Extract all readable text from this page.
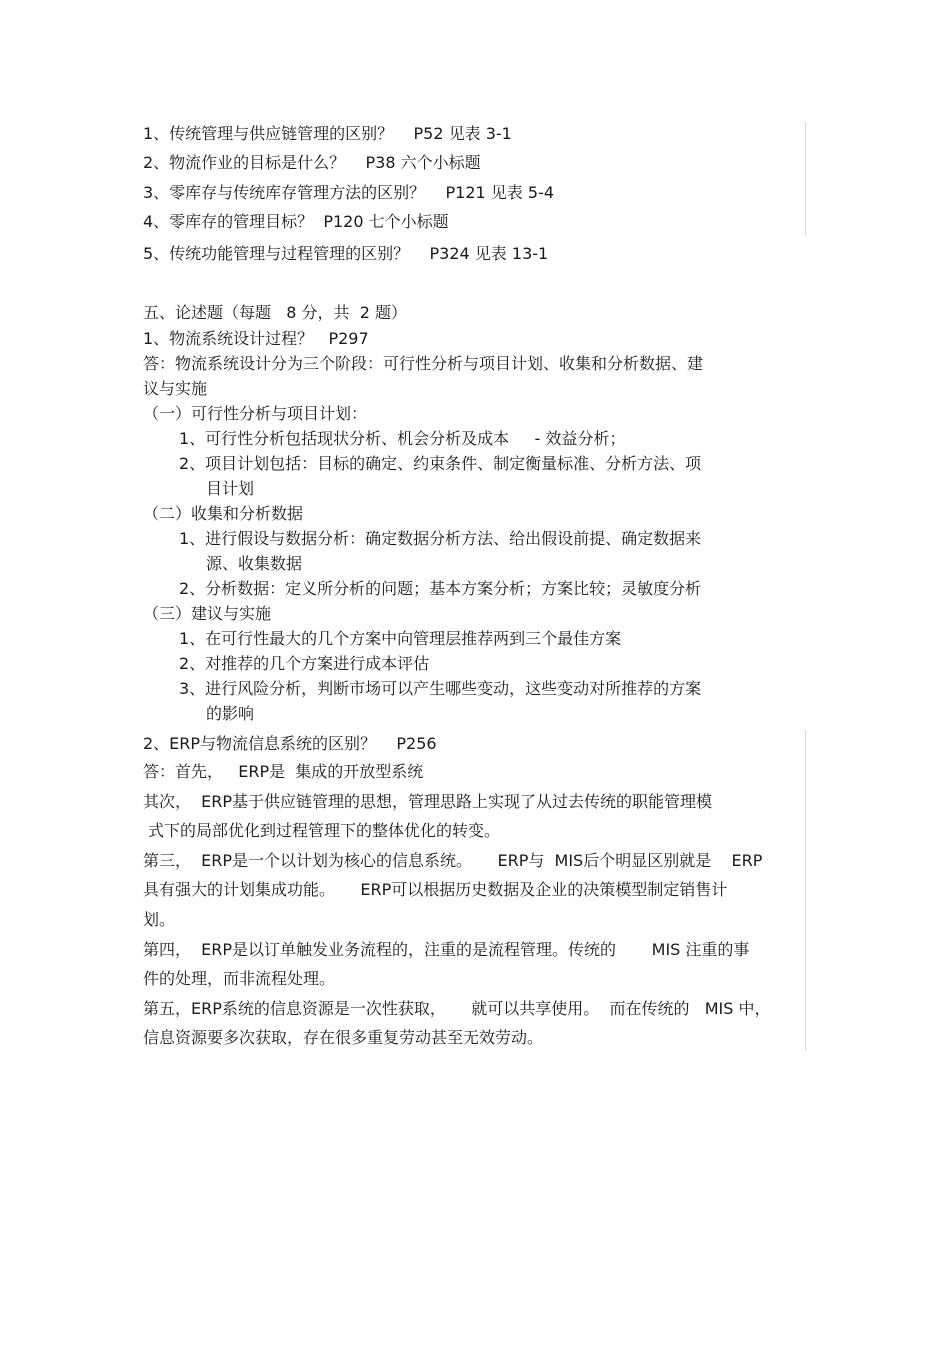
1、传统管理与供应链管理的区别？    P52 见表 3-1

2、物流作业的目标是什么？    P38 六个小标题

3、零库存与传统库存管理方法的区别？    P121 见表 5-4

4、零库存的管理目标？  P120 七个小标题

5、传统功能管理与过程管理的区别？    P324 见表 13-1

五、论述题（每题   8 分，共  2 题）

1、物流系统设计过程？   P297

答：物流系统设计分为三个阶段：可行性分析与项目计划、收集和分析数据、建

议与实施

（一）可行性分析与项目计划：

1、可行性分析包括现状分析、机会分析及成本     - 效益分析；

2、项目计划包括：目标的确定、约束条件、制定衡量标准、分析方法、项

目计划

（二）收集和分析数据

1、进行假设与数据分析：确定数据分析方法、给出假设前提、确定数据来

源、收集数据

2、分析数据：定义所分析的问题；基本方案分析；方案比较；灵敏度分析

（三）建议与实施

1、在可行性最大的几个方案中向管理层推荐两到三个最佳方案

2、对推荐的几个方案进行成本评估

3、进行风险分析，判断市场可以产生哪些变动，这些变动对所推荐的方案

的影响

2、ERP与物流信息系统的区别？    P256

答：首先，   ERP是  集成的开放型系统

其次，  ERP基于供应链管理的思想，管理思路上实现了从过去传统的职能管理模

式下的局部优化到过程管理下的整体优化的转变。

第三，  ERP是一个以计划为核心的信息系统。     ERP与  MIS后个明显区别就是    ERP

具有强大的计划集成功能。     ERP可以根据历史数据及企业的决策模型制定销售计

划。

第四，  ERP是以订单触发业务流程的，注重的是流程管理。传统的       MIS 注重的事

件的处理，而非流程处理。

第五，ERP系统的信息资源是一次性获取，     就可以共享使用。  而在传统的   MIS 中，

信息资源要多次获取，存在很多重复劳动甚至无效劳动。
